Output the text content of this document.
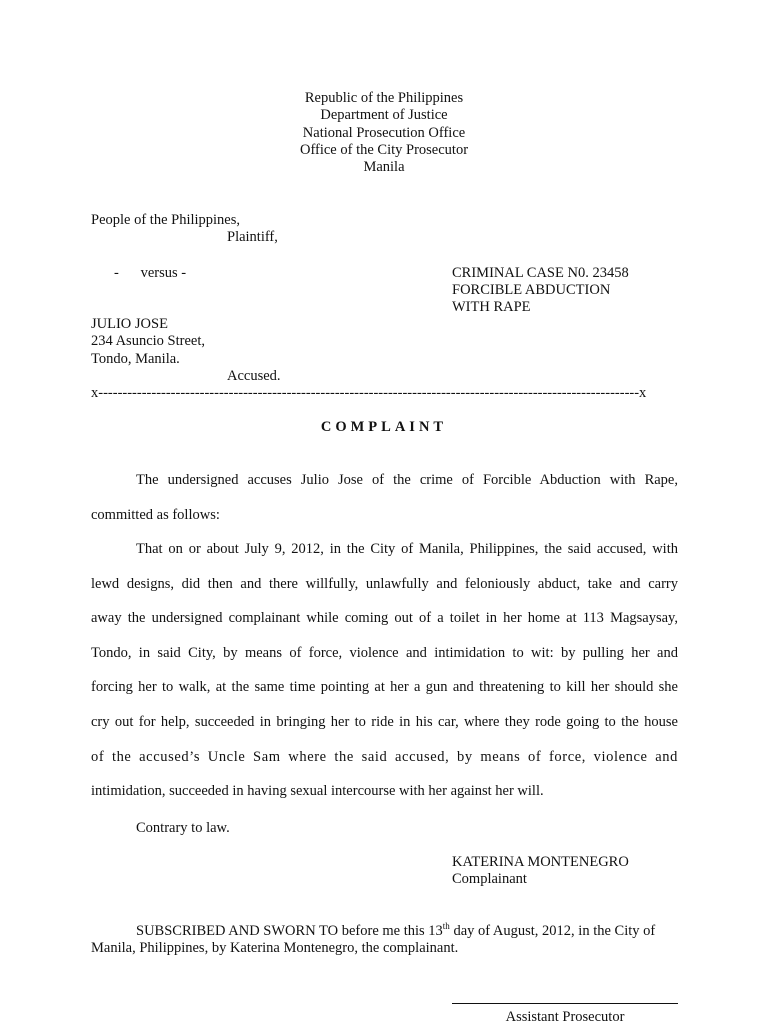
Republic of the Philippines
Department of Justice
National Prosecution Office
Office of the City Prosecutor
Manila
People of the Philippines,
Plaintiff,
-      versus -	CRIMINAL CASE N0. 23458
FORCIBLE ABDUCTION
WITH RAPE
JULIO JOSE
234 Asuncio Street,
Tondo, Manila.
Accused.
x----------------------------------------------------------------------------------------------------------------x
COMPLAINT
The undersigned accuses Julio Jose of the crime of Forcible Abduction with Rape,
committed as follows:
That on or about July 9, 2012, in the City of Manila, Philippines, the said accused, with
lewd designs, did then and there willfully, unlawfully and feloniously abduct, take and carry
away the undersigned complainant while coming out of a toilet in her home at 113 Magsaysay,
Tondo, in said City, by means of force, violence and intimidation to wit: by pulling her and
forcing her to walk, at the same time pointing at her a gun and threatening to kill her should she
cry out for help, succeeded in bringing her to ride in his car, where they rode going to the house
of the accused’s Uncle Sam where the said accused, by means of force, violence and
intimidation, succeeded in having sexual intercourse with her against her will.
Contrary to law.
KATERINA MONTENEGRO
Complainant
SUBSCRIBED AND SWORN TO before me this 13th day of August, 2012, in the City of
Manila, Philippines, by Katerina Montenegro, the complainant.
Assistant Prosecutor
